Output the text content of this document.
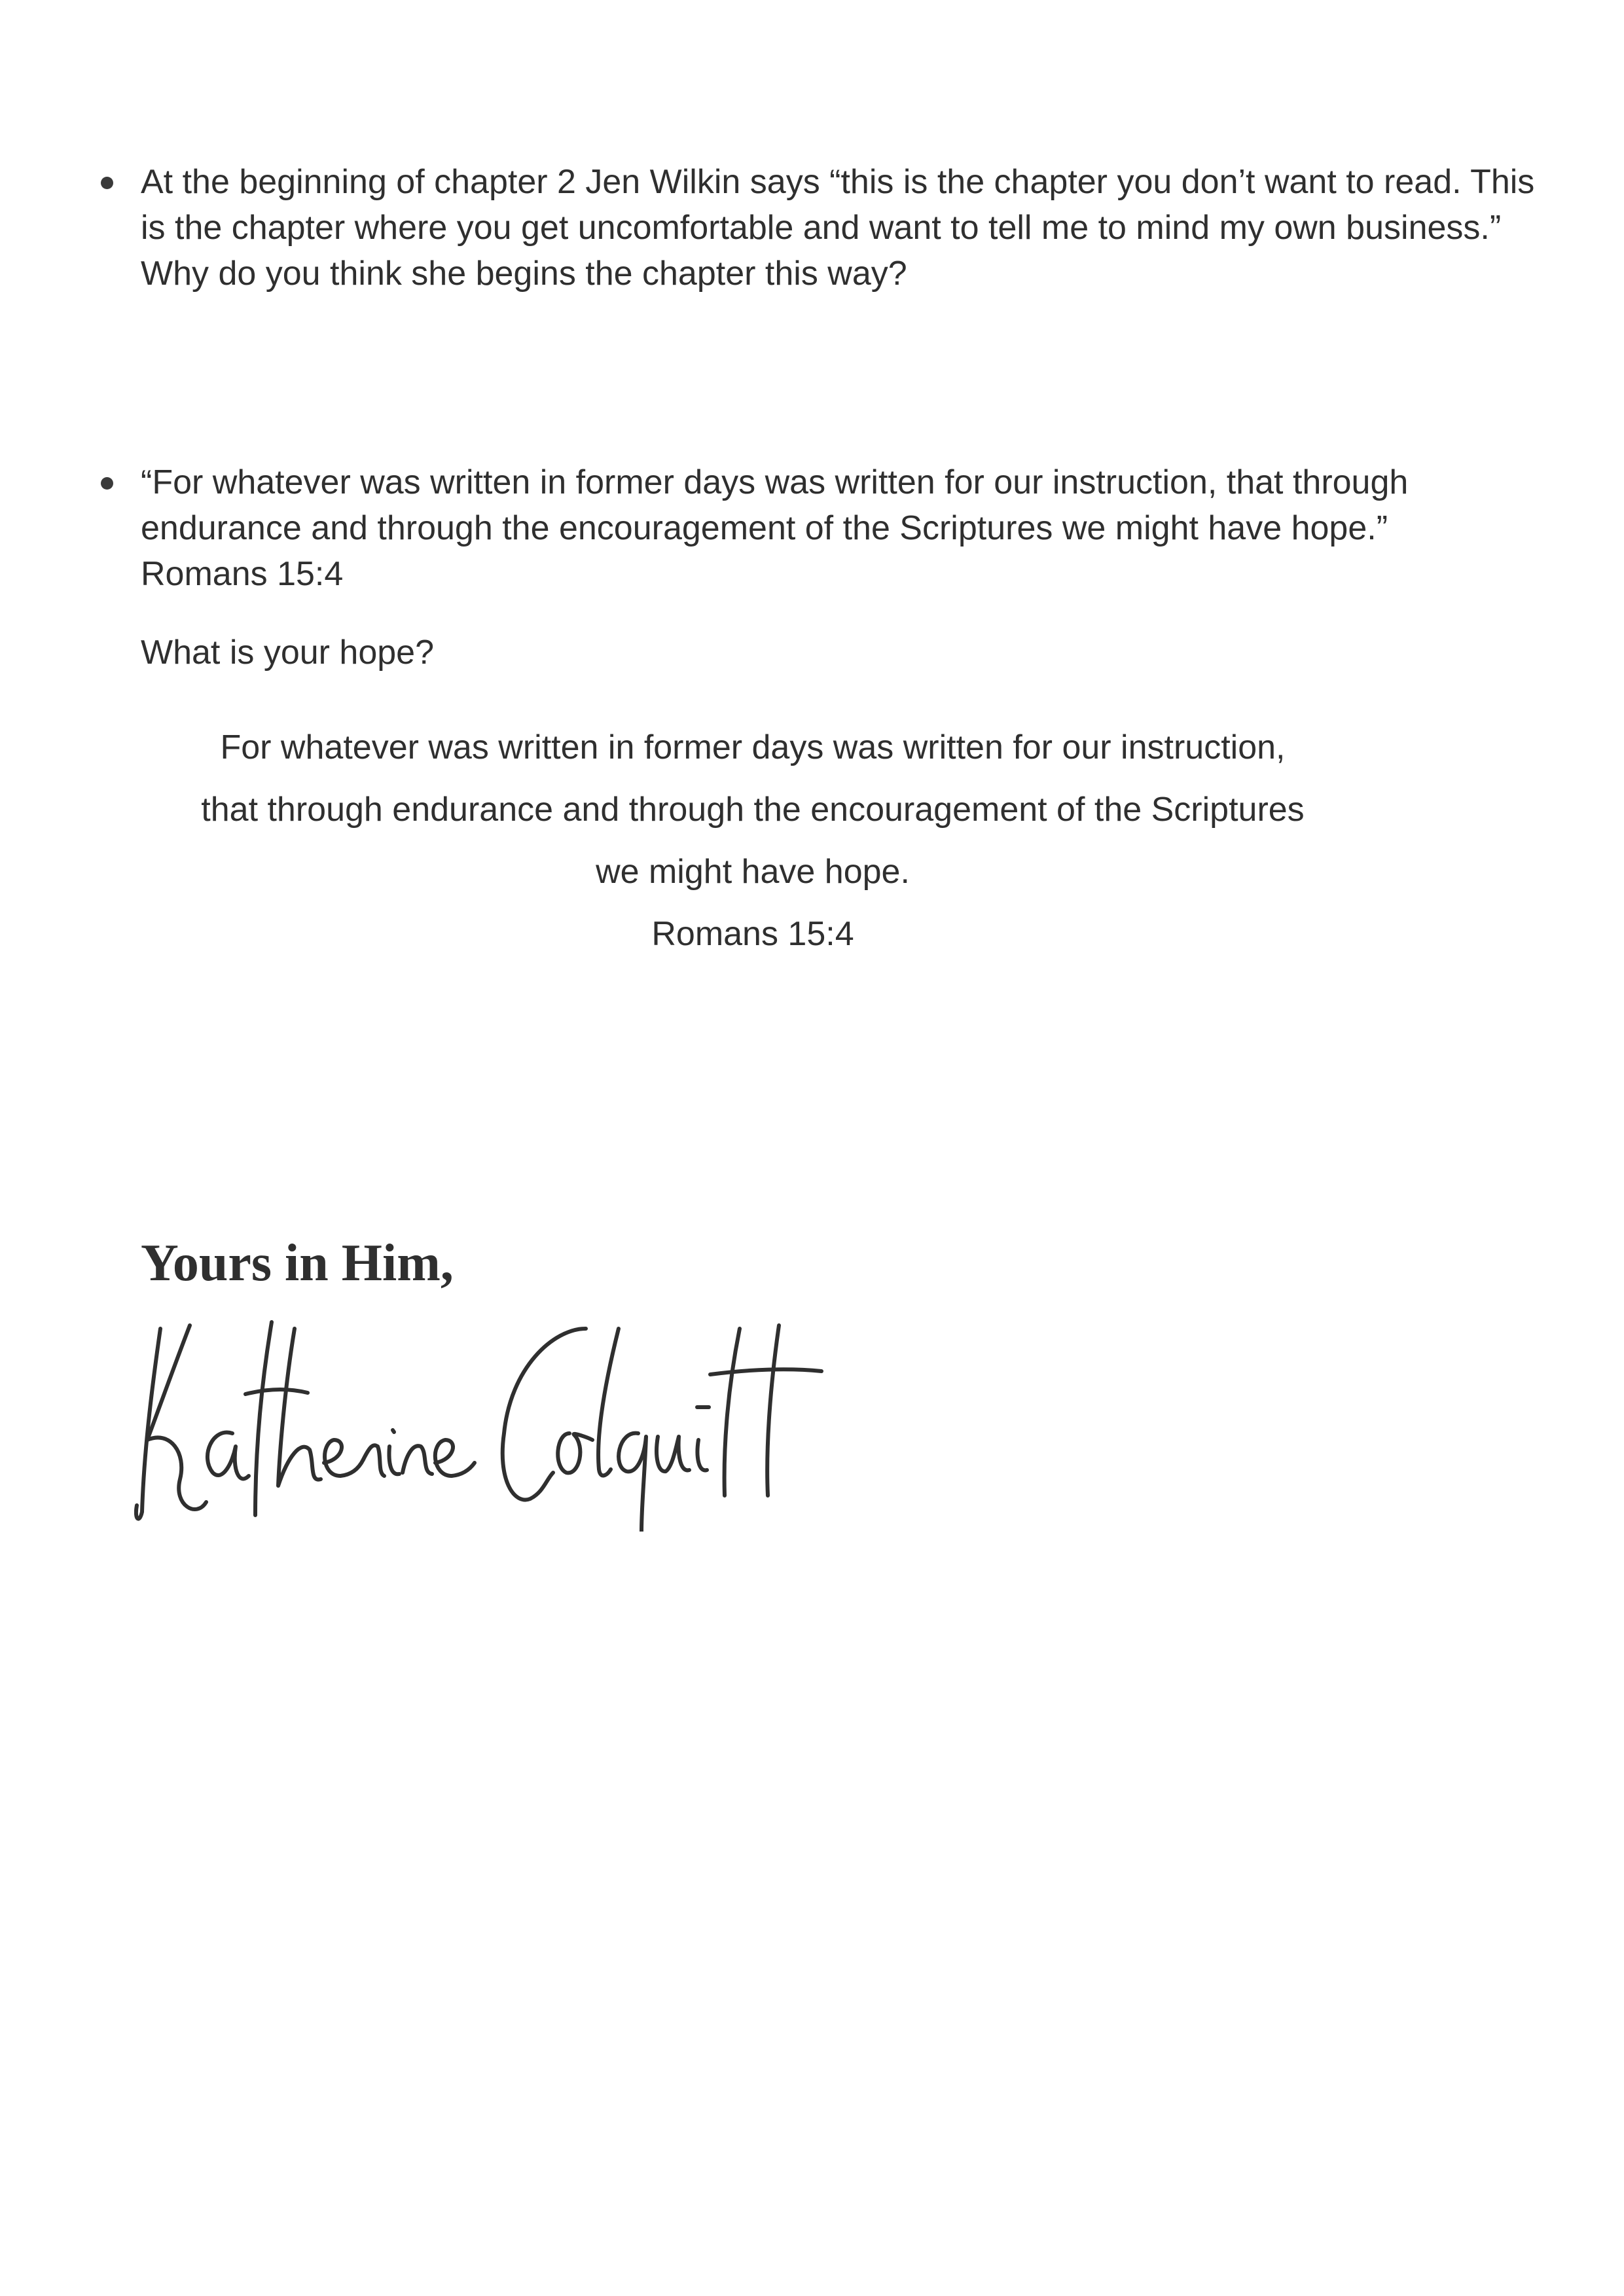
At the beginning of chapter 2 Jen Wilkin says “this is the chapter you don’t want to read. This is the chapter where you get uncomfortable and want to tell me to mind my own business.” Why do you think she begins the chapter this way?
“For whatever was written in former days was written for our instruction, that through endurance and through the encouragement of the Scriptures we might have hope.”
Romans 15:4
What is your hope?
For whatever was written in former days was written for our instruction,
that through endurance and through the encouragement of the Scriptures
we might have hope.
Romans 15:4
Yours in Him,
